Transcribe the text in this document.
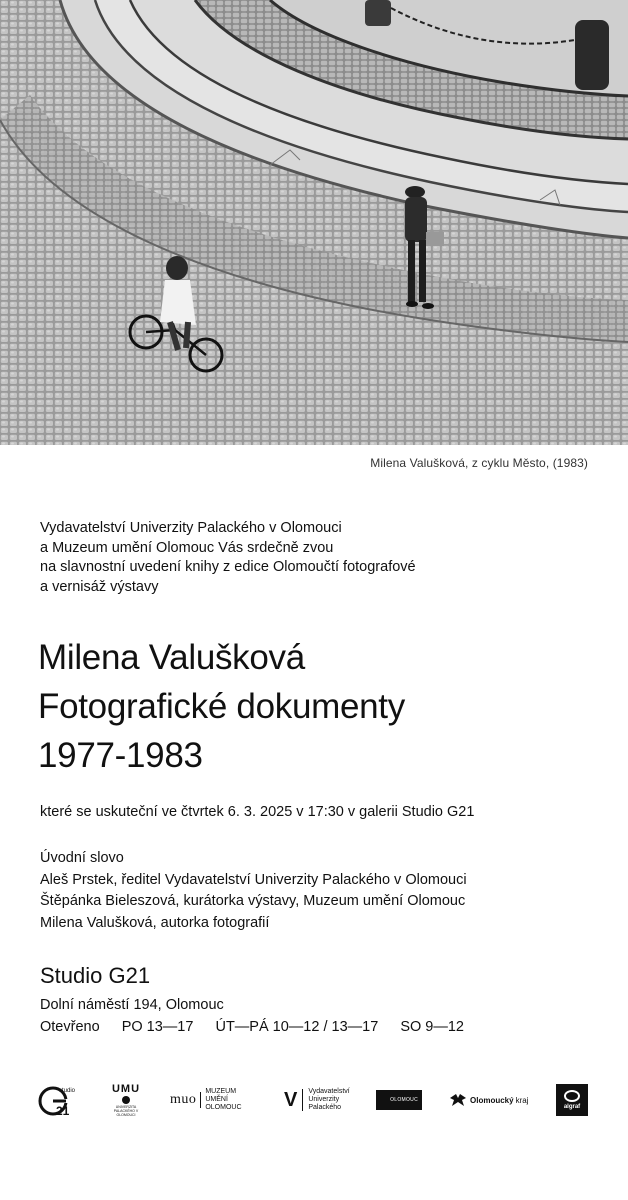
Milena Valušková, z cyklu Město, (1983)
Vydavatelství Univerzity Palackého v Olomouci
a Muzeum umění Olomouc Vás srdečně zvou
na slavnostní uvedení knihy z edice Olomoučtí fotografové
a vernisáž výstavy
Milena Valušková
Fotografické dokumenty
1977-1983
které se uskuteční ve čtvrtek 6. 3. 2025 v 17:30 v galerii Studio G21
Úvodní slovo
Aleš Prstek, ředitel Vydavatelství Univerzity Palackého v Olomouci
Štěpánka Bieleszová, kurátorka výstavy, Muzeum umění Olomouc
Milena Valušková, autorka fotografií
Studio G21
Dolní náměstí 194, Olomouc
Otevřeno PO 13—17 ÚT—PÁ 10—12 / 13—17 SO 9—12
studio
21
UMU
UNIVERZITA PALACKÉHO V OLOMOUCI
muo
MUZEUM UMĚNÍ
OLOMOUC	V Vydavatelství
Univerzity
Palackého
OLOMOUC	Olomoucký kraj
algraf
